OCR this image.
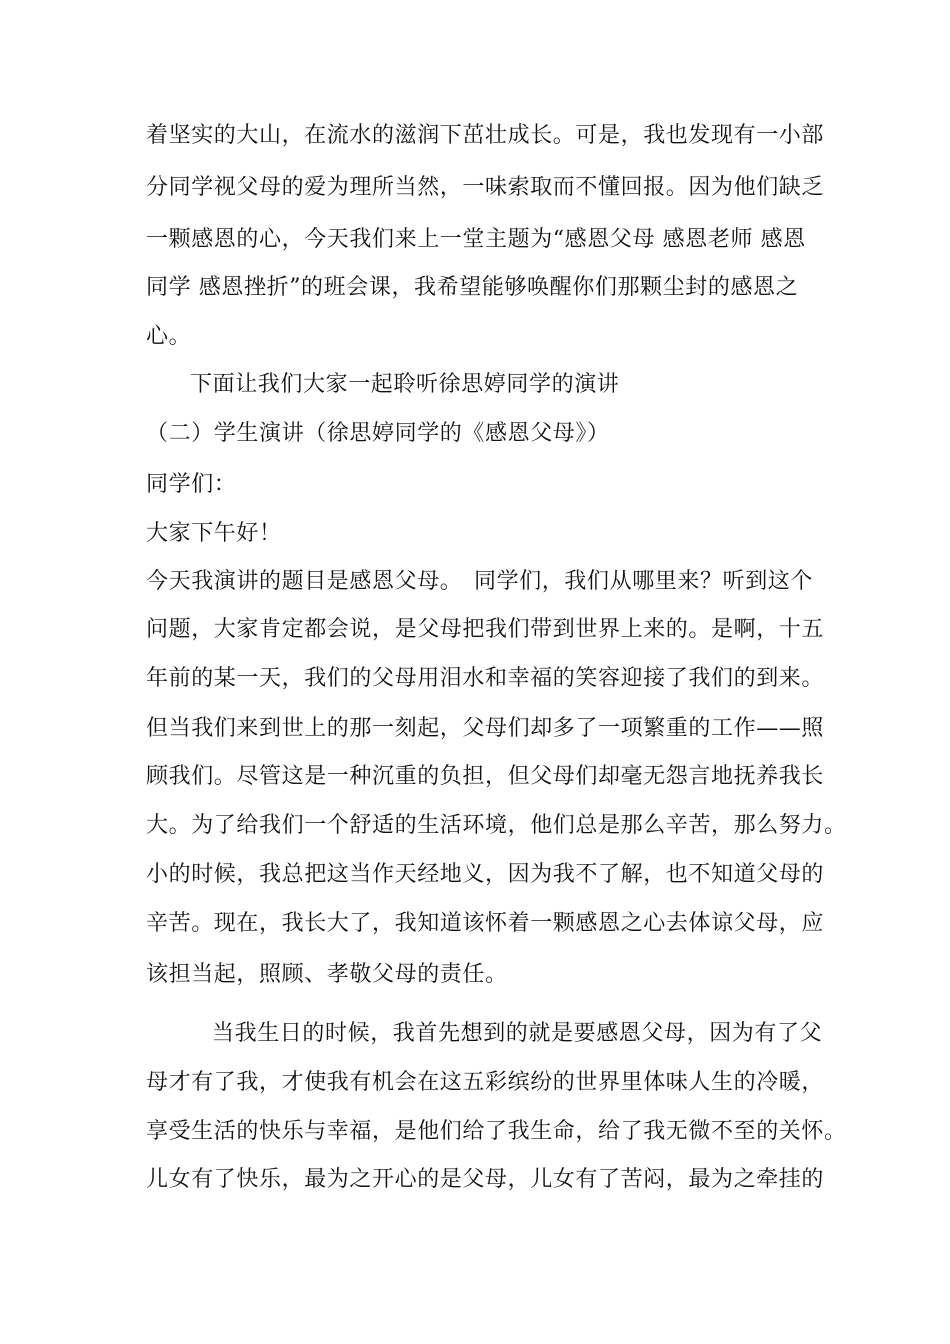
着坚实的大山，在流水的滋润下茁壮成长。可是，我也发现有一小部
分同学视父母的爱为理所当然，一味索取而不懂回报。因为他们缺乏
一颗感恩的心，今天我们来上一堂主题为“感恩父母 感恩老师 感恩
同学 感恩挫折”的班会课，我希望能够唤醒你们那颗尘封的感恩之
心。
下面让我们大家一起聆听徐思婷同学的演讲
（二）学生演讲（徐思婷同学的《感恩父母》）
同学们：
大家下午好！
今天我演讲的题目是感恩父母。　同学们，我们从哪里来？听到这个
问题，大家肯定都会说，是父母把我们带到世界上来的。是啊，十五
年前的某一天，我们的父母用泪水和幸福的笑容迎接了我们的到来。
但当我们来到世上的那一刻起，父母们却多了一项繁重的工作——照
顾我们。尽管这是一种沉重的负担，但父母们却毫无怨言地抚养我长
大。为了给我们一个舒适的生活环境，他们总是那么辛苦，那么努力。
小的时候，我总把这当作天经地义，因为我不了解，也不知道父母的
辛苦。现在，我长大了，我知道该怀着一颗感恩之心去体谅父母，应
该担当起，照顾、孝敬父母的责任。
当我生日的时候，我首先想到的就是要感恩父母，因为有了父
母才有了我，才使我有机会在这五彩缤纷的世界里体味人生的冷暖，
享受生活的快乐与幸福，是他们给了我生命，给了我无微不至的关怀。
儿女有了快乐，最为之开心的是父母，儿女有了苦闷，最为之牵挂的
